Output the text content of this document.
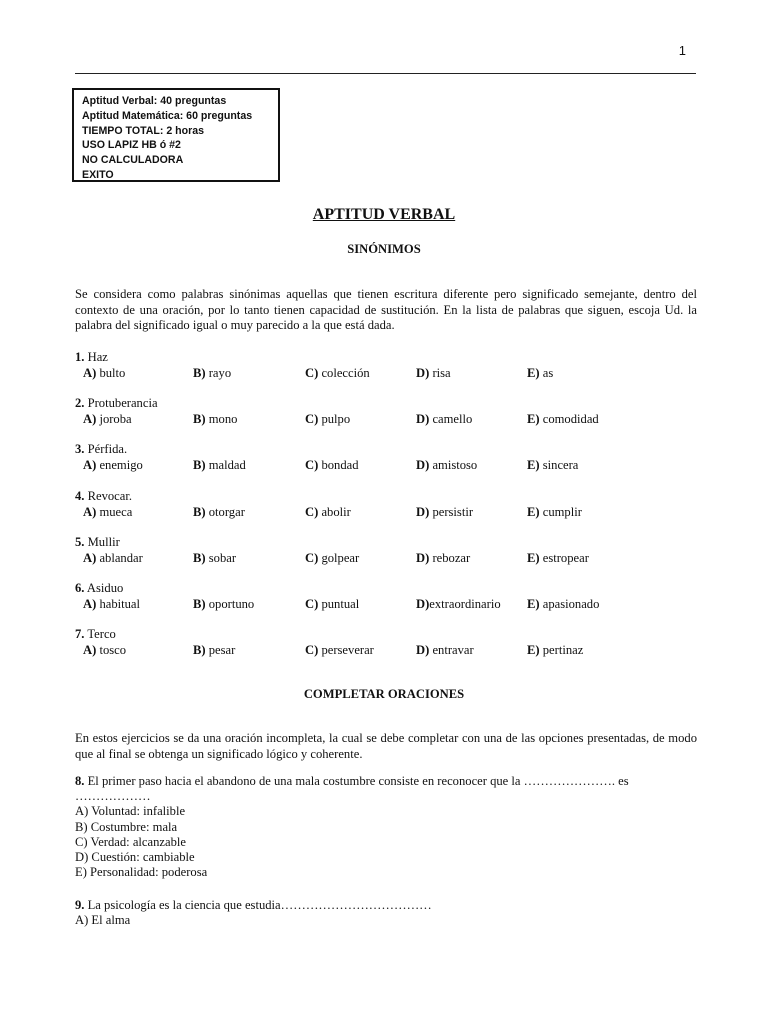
1
Aptitud Verbal: 40 preguntas
Aptitud Matemática: 60 preguntas
TIEMPO TOTAL: 2 horas
USO LAPIZ HB ó #2
NO CALCULADORA
EXITO
APTITUD VERBAL
SINÓNIMOS

Se considera como palabras sinónimas aquellas que tienen escritura diferente pero significado semejante, dentro del contexto de una oración, por lo tanto tienen capacidad de sustitución. En la lista de palabras que siguen, escoja Ud. la palabra del significado igual o muy parecido a la que está dada.

1. Haz
A) bulto	B) rayo	C) colección	D) risa	E) as
2. Protuberancia
A) joroba	B) mono	C) pulpo	D) camello	E) comodidad
3. Pérfida.
A) enemigo	B) maldad	C) bondad	D) amistoso	E) sincera
4. Revocar.
A) mueca	B) otorgar	C) abolir	D) persistir	E) cumplir
5. Mullir
A) ablandar	B) sobar	C) golpear	D) rebozar	E) estropear
6. Asiduo
A) habitual	B) oportuno	C) puntual	D)extraordinario E) apasionado
7. Terco
A) tosco	B) pesar	C) perseverar	D) entravar	E) pertinaz
COMPLETAR ORACIONES

En estos ejercicios se da una oración incompleta, la cual se debe completar con una de las opciones presentadas, de modo que al final se obtenga un significado lógico y coherente.

8. El primer paso hacia el abandono de una mala costumbre consiste en reconocer que la …………………. es
………………
A) Voluntad: infalible
B) Costumbre: mala
C) Verdad: alcanzable
D) Cuestión: cambiable
E) Personalidad: poderosa
9. La psicología es la ciencia que estudia………………………………
A) El alma
